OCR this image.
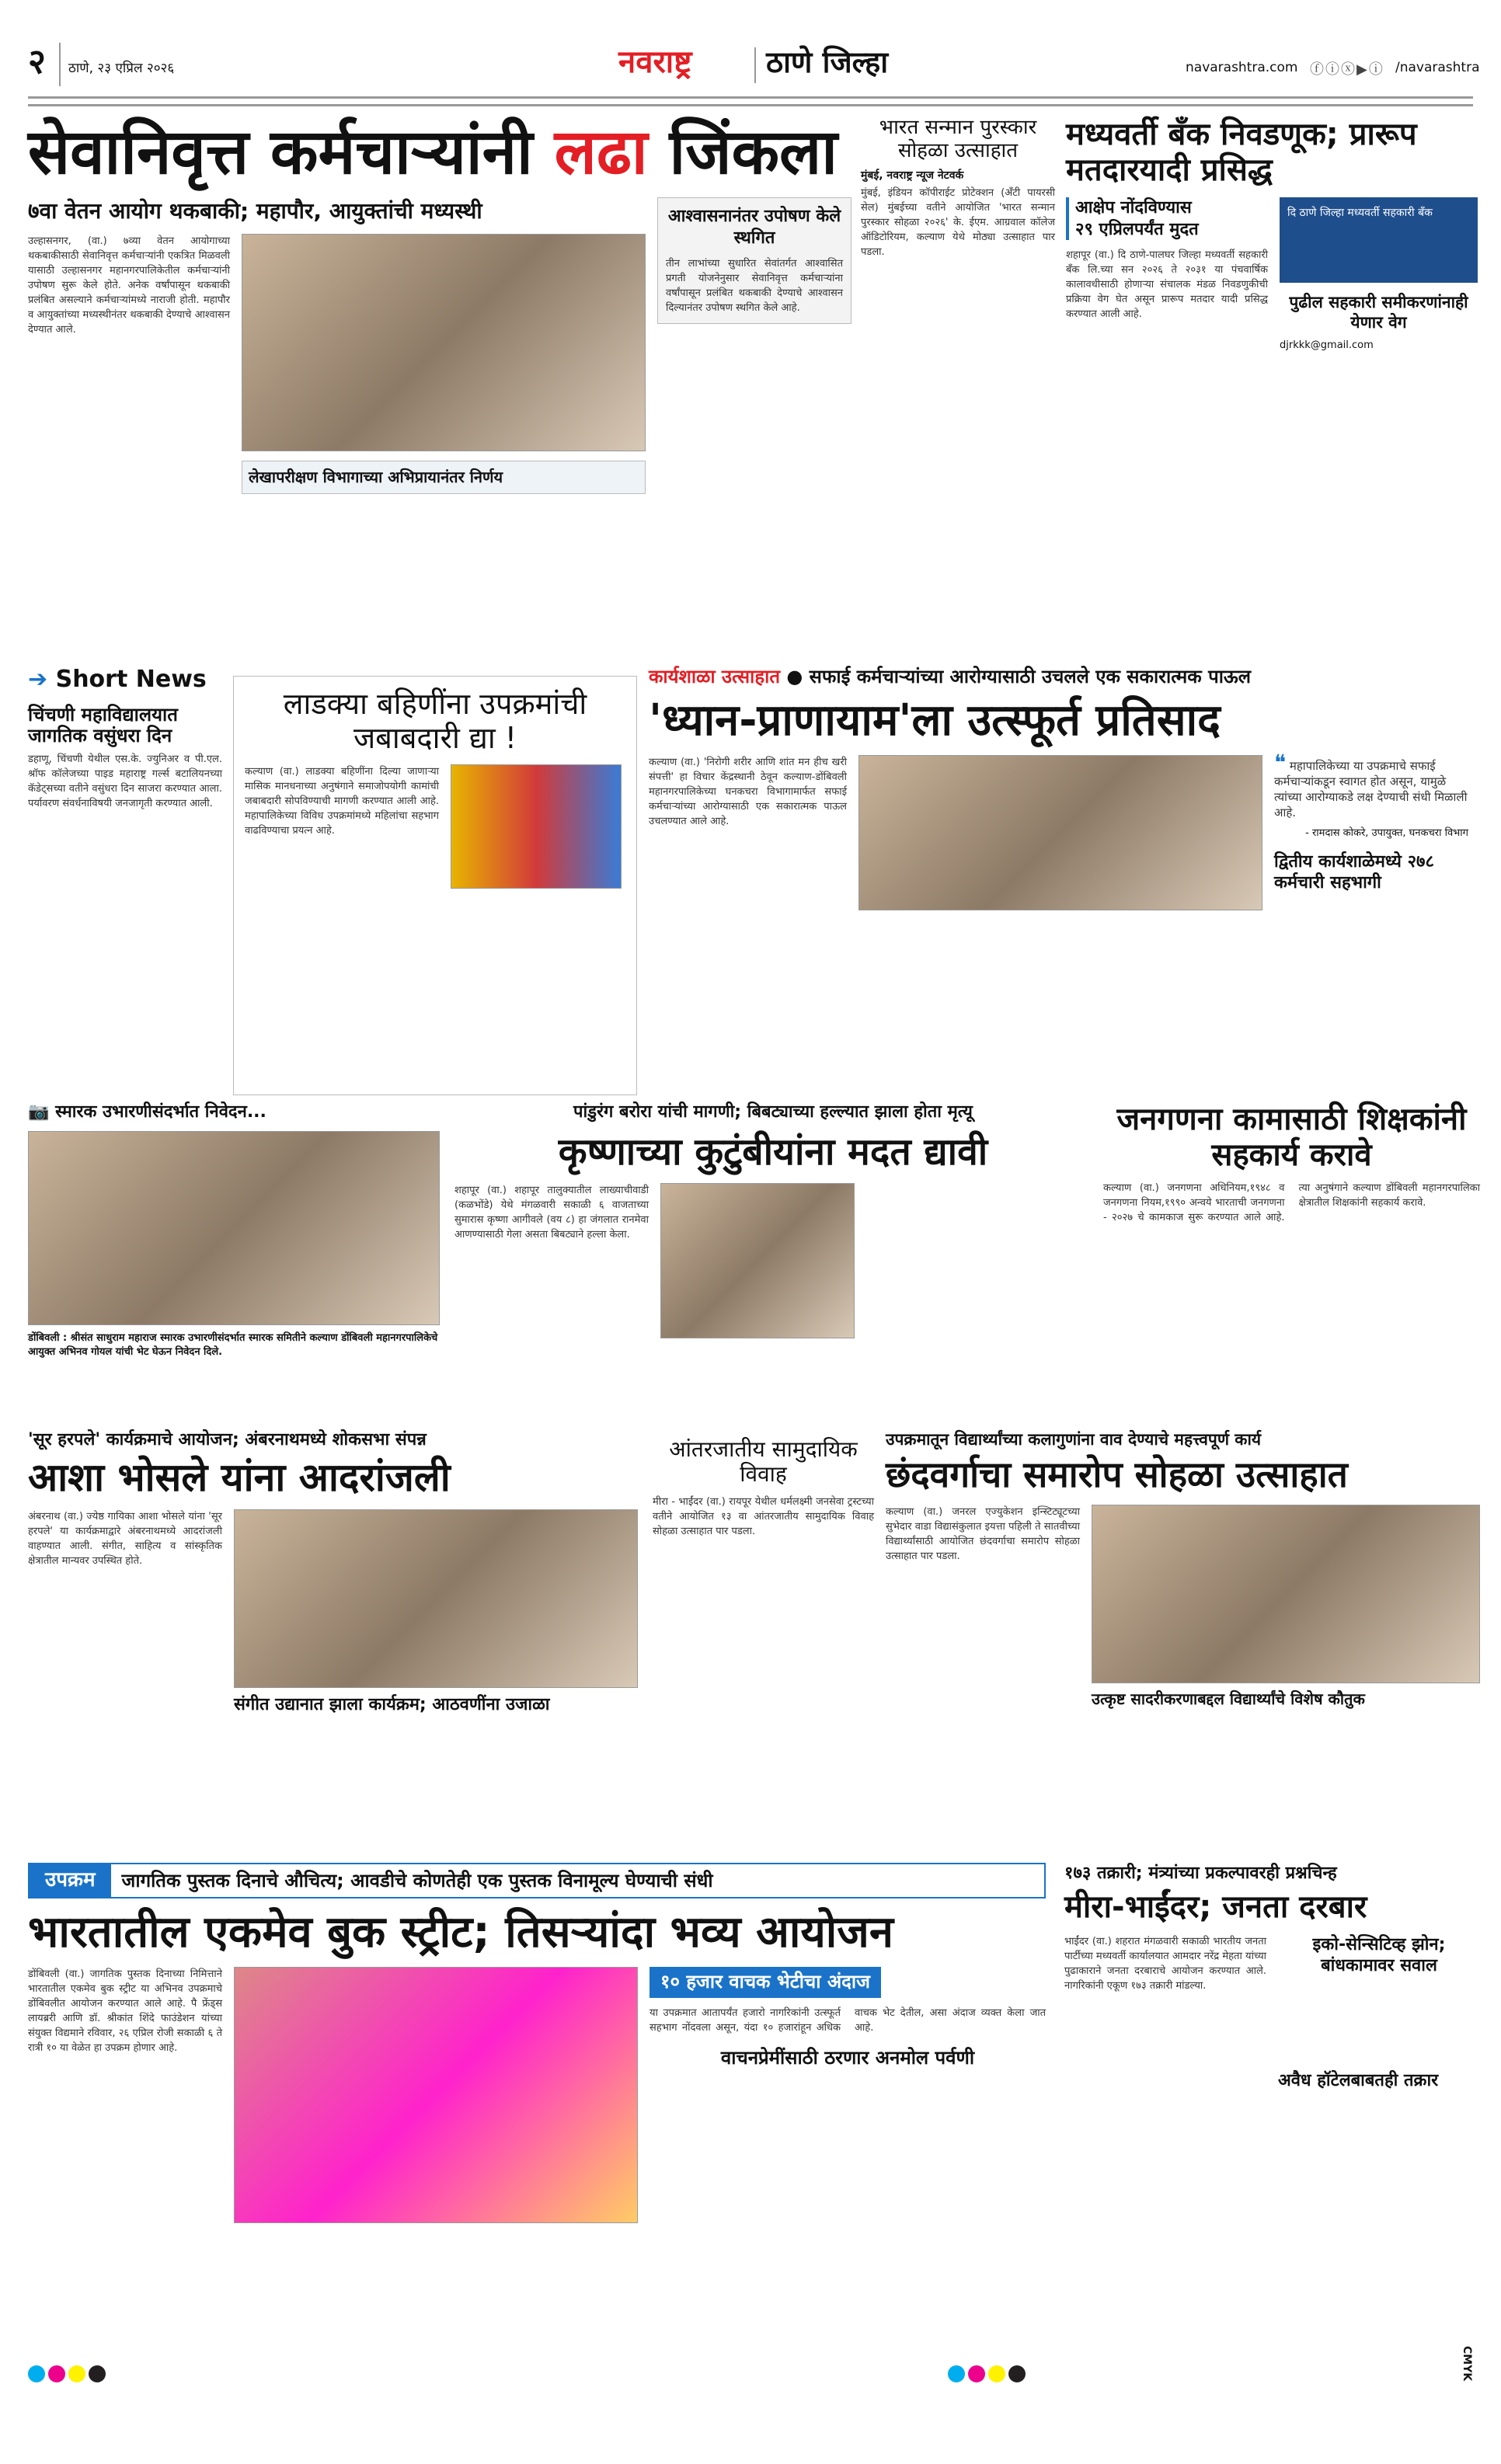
२ ठाणे, २३ एप्रिल २०२६	नवराष्ट्र	ठाणे जिल्हा	navarashtra.com ⓕⓘⓧ▶ⓘ /navarashtra
सेवानिवृत्त कर्मचाऱ्यांनी लढा जिंकला
७वा वेतन आयोग थकबाकी; महापौर, आयुक्तांची मध्यस्थी
उल्हासनगर, (वा.) ७व्या वेतन आयोगाच्या थकबाकीसाठी सेवानिवृत्त कर्मचाऱ्यांनी एकत्रित मिळवली यासाठी उल्हासनगर महानगरपालिकेतील कर्मचाऱ्यांनी उपोषण सुरू केले होते. अनेक वर्षांपासून थकबाकी प्रलंबित असल्याने कर्मचाऱ्यांमध्ये नाराजी होती. महापौर व आयुक्तांच्या मध्यस्थीनंतर थकबाकी देण्याचे आश्वासन देण्यात आले.
लेखापरीक्षण विभागाच्या अभिप्रायानंतर निर्णय
आश्वासनानंतर उपोषण केले स्थगित
तीन लाभांच्या सुधारित सेवांतर्गत आश्वासित प्रगती योजनेनुसार सेवानिवृत्त कर्मचाऱ्यांना वर्षांपासून प्रलंबित थकबाकी देण्याचे आश्वासन दिल्यानंतर उपोषण स्थगित केले आहे.
भारत सन्मान पुरस्कार सोहळा उत्साहात
मुंबई, नवराष्ट्र न्यूज नेटवर्क
मुंबई, इंडियन कॉपीराईट प्रोटेक्शन (अँटी पायरसी सेल) मुंबईच्या वतीने आयोजित 'भारत सन्मान पुरस्कार सोहळा २०२६' के. ईएम. आग्रवाल कॉलेज ऑडिटोरियम, कल्याण येथे मोठ्या उत्साहात पार पडला.
मध्यवर्ती बँक निवडणूक; प्रारूप मतदारयादी प्रसिद्ध
आक्षेप नोंदविण्यास
२९ एप्रिलपर्यंत मुदत
शहापूर (वा.) दि ठाणे-पालघर जिल्हा मध्यवर्ती सहकारी बँक लि.च्या सन २०२६ ते २०३१ या पंचवार्षिक कालावधीसाठी होणाऱ्या संचालक मंडळ निवडणुकीची प्रक्रिया वेग घेत असून प्रारूप मतदार यादी प्रसिद्ध करण्यात आली आहे.
दि ठाणे जिल्हा मध्यवर्ती सहकारी बँक
पुढील सहकारी समीकरणांनाही येणार वेग
djrkkk@gmail.com
➔ Short News
चिंचणी महाविद्यालयात जागतिक वसुंधरा दिन
डहाणू, चिंचणी येथील एस.के. ज्युनिअर व पी.एल. श्रॉफ कॉलेजच्या पाइड महाराष्ट्र गर्ल्स बटालियनच्या कॅडेट्सच्या वतीने वसुंधरा दिन साजरा करण्यात आला. पर्यावरण संवर्धनाविषयी जनजागृती करण्यात आली.
लाडक्या बहिणींना उपक्रमांची जबाबदारी द्या !
कल्याण (वा.) लाडक्या बहिणींना दिल्या जाणाऱ्या मासिक मानधनाच्या अनुषंगाने समाजोपयोगी कामांची जबाबदारी सोपविण्याची मागणी करण्यात आली आहे. महापालिकेच्या विविध उपक्रमांमध्ये महिलांचा सहभाग वाढविण्याचा प्रयत्न आहे.
कार्यशाळा उत्साहात ● सफाई कर्मचाऱ्यांच्या आरोग्यासाठी उचलले एक सकारात्मक पाऊल
'ध्यान-प्राणायाम'ला उत्स्फूर्त प्रतिसाद
कल्याण (वा.) 'निरोगी शरीर आणि शांत मन हीच खरी संपत्ती' हा विचार केंद्रस्थानी ठेवून कल्याण-डोंबिवली महानगरपालिकेच्या घनकचरा विभागामार्फत सफाई कर्मचाऱ्यांच्या आरोग्यासाठी एक सकारात्मक पाऊल उचलण्यात आले आहे.
❝ महापालिकेच्या या उपक्रमाचे सफाई कर्मचाऱ्यांकडून स्वागत होत असून, यामुळे त्यांच्या आरोग्याकडे लक्ष देण्याची संधी मिळाली आहे.
- रामदास कोकरे, उपायुक्त, घनकचरा विभाग
द्वितीय कार्यशाळेमध्ये २७८ कर्मचारी सहभागी
📷 स्मारक उभारणीसंदर्भात निवेदन...
डोंबिवली : श्रीसंत साधुराम महाराज स्मारक उभारणीसंदर्भात स्मारक समितीने कल्याण डोंबिवली महानगरपालिकेचे आयुक्त अभिनव गोयल यांची भेट घेऊन निवेदन दिले.
पांडुरंग बरोरा यांची मागणी; बिबट्याच्या हल्ल्यात झाला होता मृत्यू
कृष्णाच्या कुटुंबीयांना मदत द्यावी
शहापूर (वा.) शहापूर तालुक्यातील लाख्याचीवाडी (कळभोंडे) येथे मंगळवारी सकाळी ६ वाजताच्या सुमारास कृष्णा आगीवले (वय ८) हा जंगलात रानमेवा आणण्यासाठी गेला असता बिबट्याने हल्ला केला.
जनगणना कामासाठी शिक्षकांनी सहकार्य करावे
कल्याण (वा.) जनगणना अधिनियम,१९४८ व जनगणना नियम,१९९० अन्वये भारताची जनगणना - २०२७ चे कामकाज सुरू करण्यात आले आहे. त्या अनुषंगाने कल्याण डोंबिवली महानगरपालिका क्षेत्रातील शिक्षकांनी सहकार्य करावे.
'सूर हरपले' कार्यक्रमाचे आयोजन; अंबरनाथमध्ये शोकसभा संपन्न
आशा भोसले यांना आदरांजली
अंबरनाथ (वा.) ज्येष्ठ गायिका आशा भोसले यांना 'सूर हरपले' या कार्यक्रमाद्वारे अंबरनाथमध्ये आदरांजली वाहण्यात आली. संगीत, साहित्य व सांस्कृतिक क्षेत्रातील मान्यवर उपस्थित होते.
संगीत उद्यानात झाला कार्यक्रम; आठवणींना उजाळा
आंतरजातीय सामुदायिक विवाह
मीरा - भाईंदर (वा.) रायपूर येथील धर्मलक्ष्मी जनसेवा ट्रस्टच्या वतीने आयोजित १३ वा आंतरजातीय सामुदायिक विवाह सोहळा उत्साहात पार पडला.
उपक्रमातून विद्यार्थ्यांच्या कलागुणांना वाव देण्याचे महत्त्वपूर्ण कार्य
छंदवर्गाचा समारोप सोहळा उत्साहात
कल्याण (वा.) जनरल एज्युकेशन इन्स्टिट्यूटच्या सुभेदार वाडा विद्यासंकुलात इयत्ता पहिली ते सातवीच्या विद्यार्थ्यांसाठी आयोजित छंदवर्गाचा समारोप सोहळा उत्साहात पार पडला.
उत्कृष्ट सादरीकरणाबद्दल विद्यार्थ्यांचे विशेष कौतुक
उपक्रम	जागतिक पुस्तक दिनाचे औचित्य; आवडीचे कोणतेही एक पुस्तक विनामूल्य घेण्याची संधी
भारतातील एकमेव बुक स्ट्रीट; तिसऱ्यांदा भव्य आयोजन
डोंबिवली (वा.) जागतिक पुस्तक दिनाच्या निमित्ताने भारतातील एकमेव बुक स्ट्रीट या अभिनव उपक्रमाचे डोंबिवलीत आयोजन करण्यात आले आहे. पै फ्रेंड्स लायब्ररी आणि डॉ. श्रीकांत शिंदे फाउंडेशन यांच्या संयुक्त विद्यमाने रविवार, २६ एप्रिल रोजी सकाळी ६ ते रात्री १० या वेळेत हा उपक्रम होणार आहे.
१० हजार वाचक भेटीचा अंदाज
या उपक्रमात आतापर्यंत हजारो नागरिकांनी उत्स्फूर्त सहभाग नोंदवला असून, यंदा १० हजारांहून अधिक वाचक भेट देतील, असा अंदाज व्यक्त केला जात आहे.
वाचनप्रेमींसाठी ठरणार अनमोल पर्वणी
१७३ तक्रारी; मंत्र्यांच्या प्रकल्पावरही प्रश्नचिन्ह
मीरा-भाईंदर; जनता दरबार
भाईंदर (वा.) शहरात मंगळवारी सकाळी भारतीय जनता पार्टीच्या मध्यवर्ती कार्यालयात आमदार नरेंद्र मेहता यांच्या पुढाकाराने जनता दरबाराचे आयोजन करण्यात आले. नागरिकांनी एकूण १७३ तक्रारी मांडल्या.
इको-सेन्सिटिव्ह झोन; बांधकामावर सवाल
अवैध हॉटेलबाबतही तक्रार
CMYK
